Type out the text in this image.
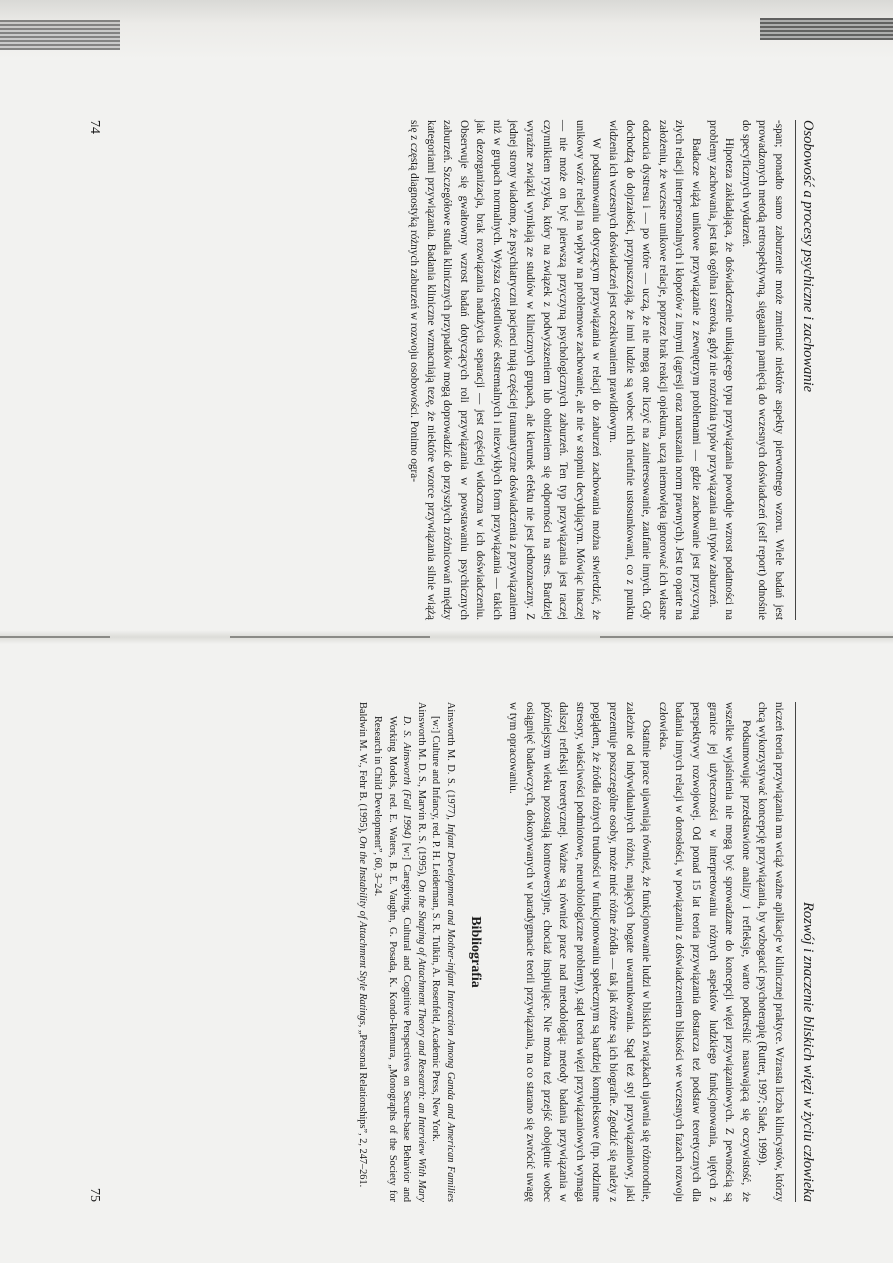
Osobowość a procesy psychiczne i zachowanie

-span; ponadto samo zaburzenie może zmieniać niektóre aspekty pierwotnego wzoru. Wiele badań jest prowadzonych metodą retrospektywną, sięgaanim pamięcią do wczesnych doświadczeń (self report) odnośnie do specyficznych wydarzeń.

Hipoteza zakładająca, że doświadczenie unikającego typu przywiązania powoduje wzrost podatności na problemy zachowania, jest tak ogólna i szeroka, gdyż nie rozróżnia typów przywiązania ani typów zaburzeń.

Badacze wiążą unikowe przywiązanie z zewnętrzym problemami — gdzie zachowanie jest przyczyną złych relacji interpersonalnych i kłopotów z innymi (agresji oraz naruszania norm prawnych). Jest to oparte na założeniu, że wczesne unikowe relacje, poprzez brak reakcji opiekuna, uczą niemowlęta ignorować ich własne odczucia dystresu i — po wtóre — uczą, że nie mogą one liczyć na zainteresowanie, zaufanie innych. Gdy dochodzą do dojrzałości, przypuszczają, że inni ludzie są wobec nich nieufnie ustosunkowani, co z punktu widzenia ich wczesnych doświadczeń jest oczekiwaniem prawidłowym.

W podsumowaniu dotyczącym przywiązania w relacji do zaburzeń zachowania można stwierdzić, że unikowy wzór relacji na wpływ na problemowe zachowanie, ale nie w stopniu decydującym. Mówiąc inaczej — nie może on być pierwszą przyczyną psychologicznych zaburzeń. Ten typ przywiązania jest raczej czynnikiem ryzyka, który na związek z podwyższeniem lub obniżeniem się odporności na stres. Bardziej wyraźne związki wynikają ze studiów w klinicznych grupach, ale kierunek efektu nie jest jednoznaczny. Z jednej strony wiadomo, że psychiatryczni pacjenci mają częściej traumatyczne doświadczenia z przywiązaniem niż w grupach normalnych. Wyższa częstotliwość ekstremalnych i niezwykłych form przywiązania — takich jak dezorganizacja, brak rozwiązania nadużycia separacji — jest częściej widoczna w ich doświadczeniu. Obserwuje się gwałtowny wzrost badań dotyczących roli przywiązania w powstawaniu psychicznych zaburzeń. Szczegółowe studia klinicznych przypadków mogą doprowadzić do przyszłych zróżnicowań między kategoriami przywiązania. Badania kliniczne wzmacniają tezę, że niektóre wzorce przywiązania silnie wiążą się z częstą diagnostyką różnych zaburzeń w rozwoju osobowości. Ponimo ogra-

74
Rozwój i znaczenie bliskich więzi w życiu człowieka

niczeń teoria przywiązania ma wciąż ważne aplikacje w klinicznej praktyce. Wzrasta liczba klinicystów, którzy chcą wykorzystywać koncepcję przywiązania, by wzbogacić psychoterapię (Rutter, 1997; Slade, 1999).

Podsumowując przedstawione analizy i refleksje, warto podkreślić nasuwającą się oczywistość, że wszelkie wyjaśnienia nie mogą być sprowadzane do koncepcji więzi przywiązaniowych. Z pewnością są granice jej użyteczności w interpretowaniu różnych aspektów ludzkiego funkcjonowania, ujętych z perspektywy rozwojowej. Od ponad 15 lat teoria przywiązania dostarcza też podstaw teoretycznych dla badania innych relacji w dorosłości, w powiązaniu z doświadczeniem bliskości we wczesnych fazach rozwoju człowieka.

Ostatnie prace ujawniają również, że funkcjonowanie ludzi w bliskich związkach ujawnia się różnorodnie, zależnie od indywidualnych różnic, mających bogate uwarunkowania. Stąd też styl przywiązaniowy, jaki prezentuje poszczególne osoby, może mieć różne źródła — tak jak różne są ich biografie. Zgodzić się należy z poglądem, że źródła różnych trudności w funkcjonowaniu społecznym są bardziej kompleksowe (np. rodzinne stresory, właściwości podmiotowe, neurobiologiczne problemy), stąd teoria więzi przywiązaniowych wymaga dalszej refleksji teoretycznej. Ważne są również prace nad metodologią: metody badania przywiązania w późniejszym wieku pozostają kontrowersyjne, chociaż inspirujące. Nie można też przejść obojętnie wobec osiągnięć badawczych, dokonywanych w paradygmacie teorii przywiązania, na co starano się zwrócić uwagę w tym opracowaniu.

Bibliografia

Ainsworth M. D. S. (1977), Infant Development and Mother-infant Interaction Among Ganda and American Families [w:] Culture and Infancy, red. P. H. Leiderman, S. R. Tulkin, A. Rosenfeld, Academic Press, New York.

Ainsworth M. D. S., Marvin R. S. (1995), On the Shaping of Attachment Theory and Research: an Interview With Mary D. S. Ainsworth (Fall 1994) [w:] Caregiving, Cultural and Cognitive Perspectives on Secure-base Behavior and Working Models, red. E. Waters, B. E. Vaughn, G. Posada, K. Kondo-Ikemura, „Monographs of the Society for Research in Child Development”, 60, 3–24.

Baldwin M. W., Fehr B. (1995), On the Instability of Attachment Style Ratings, „Personal Relationships”, 2, 247–261.

75
